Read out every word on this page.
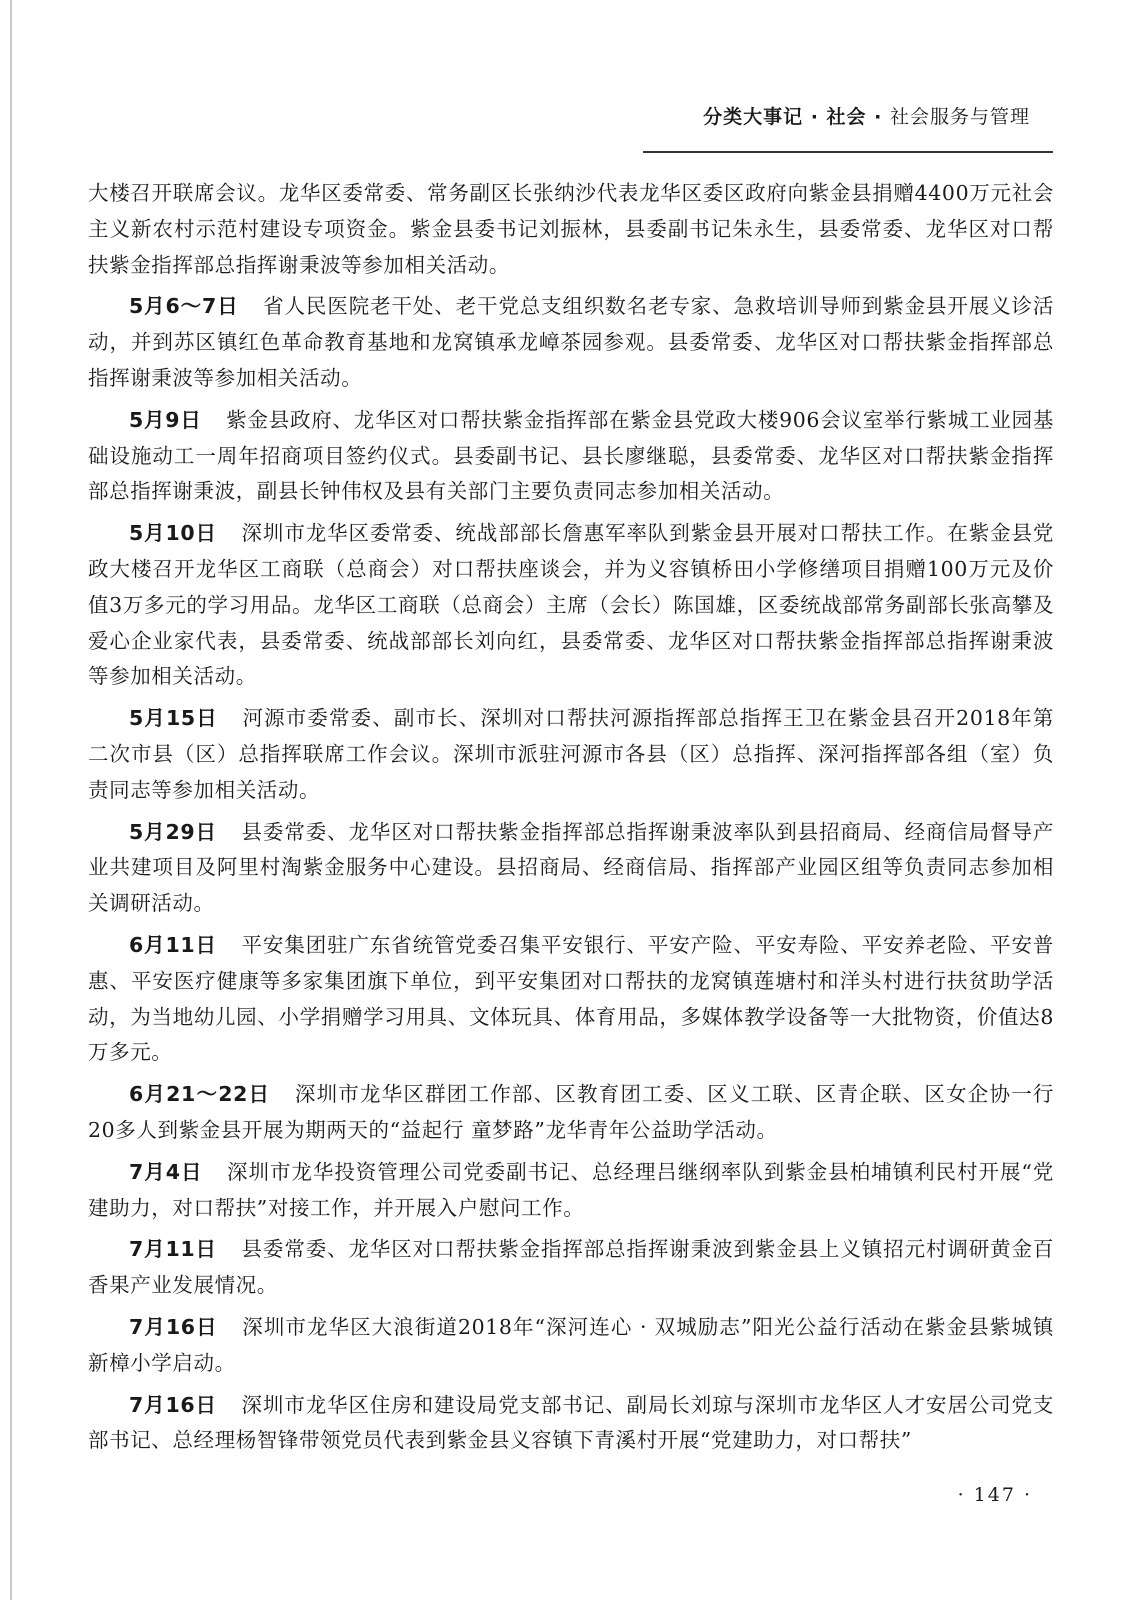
分类大事记 · 社会 · 社会服务与管理

大楼召开联席会议。龙华区委常委、常务副区长张纳沙代表龙华区委区政府向紫金县捐赠4400万元社会主义新农村示范村建设专项资金。紫金县委书记刘振林，县委副书记朱永生，县委常委、龙华区对口帮扶紫金指挥部总指挥谢秉波等参加相关活动。

5月6～7日 省人民医院老干处、老干党总支组织数名老专家、急救培训导师到紫金县开展义诊活动，并到苏区镇红色革命教育基地和龙窝镇承龙嶂茶园参观。县委常委、龙华区对口帮扶紫金指挥部总指挥谢秉波等参加相关活动。

5月9日 紫金县政府、龙华区对口帮扶紫金指挥部在紫金县党政大楼906会议室举行紫城工业园基础设施动工一周年招商项目签约仪式。县委副书记、县长廖继聪，县委常委、龙华区对口帮扶紫金指挥部总指挥谢秉波，副县长钟伟权及县有关部门主要负责同志参加相关活动。

5月10日 深圳市龙华区委常委、统战部部长詹惠军率队到紫金县开展对口帮扶工作。在紫金县党政大楼召开龙华区工商联（总商会）对口帮扶座谈会，并为义容镇桥田小学修缮项目捐赠100万元及价值3万多元的学习用品。龙华区工商联（总商会）主席（会长）陈国雄，区委统战部常务副部长张高攀及爱心企业家代表，县委常委、统战部部长刘向红，县委常委、龙华区对口帮扶紫金指挥部总指挥谢秉波等参加相关活动。

5月15日 河源市委常委、副市长、深圳对口帮扶河源指挥部总指挥王卫在紫金县召开2018年第二次市县（区）总指挥联席工作会议。深圳市派驻河源市各县（区）总指挥、深河指挥部各组（室）负责同志等参加相关活动。

5月29日 县委常委、龙华区对口帮扶紫金指挥部总指挥谢秉波率队到县招商局、经商信局督导产业共建项目及阿里村淘紫金服务中心建设。县招商局、经商信局、指挥部产业园区组等负责同志参加相关调研活动。

6月11日 平安集团驻广东省统管党委召集平安银行、平安产险、平安寿险、平安养老险、平安普惠、平安医疗健康等多家集团旗下单位，到平安集团对口帮扶的龙窝镇莲塘村和洋头村进行扶贫助学活动，为当地幼儿园、小学捐赠学习用具、文体玩具、体育用品，多媒体教学设备等一大批物资，价值达8万多元。

6月21～22日 深圳市龙华区群团工作部、区教育团工委、区义工联、区青企联、区女企协一行20多人到紫金县开展为期两天的“益起行 童梦路”龙华青年公益助学活动。

7月4日 深圳市龙华投资管理公司党委副书记、总经理吕继纲率队到紫金县柏埔镇利民村开展“党建助力，对口帮扶”对接工作，并开展入户慰问工作。

7月11日 县委常委、龙华区对口帮扶紫金指挥部总指挥谢秉波到紫金县上义镇招元村调研黄金百香果产业发展情况。

7月16日 深圳市龙华区大浪街道2018年“深河连心 · 双城励志”阳光公益行活动在紫金县紫城镇新樟小学启动。

7月16日 深圳市龙华区住房和建设局党支部书记、副局长刘琼与深圳市龙华区人才安居公司党支部书记、总经理杨智锋带领党员代表到紫金县义容镇下青溪村开展“党建助力，对口帮扶”

· 147 ·
